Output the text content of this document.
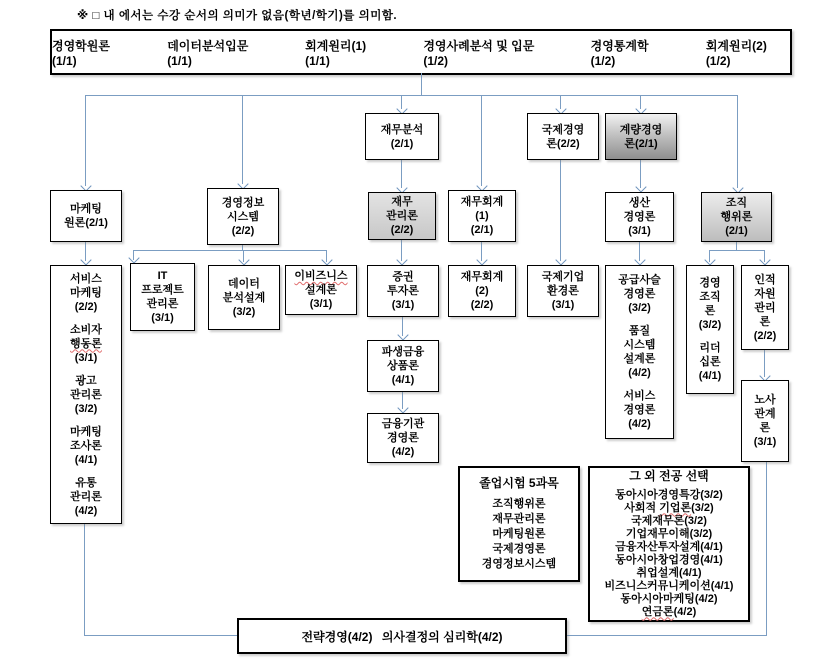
※ □ 내 에서는 수강 순서의 의미가 없음(학년/학기)를 의미함.
경영학원론(1/1)
데이터분석입문(1/1)
회계원리(1)(1/1)
경영사례분석 및 입문(1/2)
경영통계학(1/2)
회계원리(2)(1/2)
재무분석
(2/1)
국제경영
론(2/2)
계량경영
론(2/1)
마케팅
원론(2/1)
경영정보
시스템
(2/2)
재무
관리론
(2/2)
재무회계
(1)
(2/1)
생산
경영론
(3/1)
조직
행위론
(2/1)
서비스
마케팅
(2/2)
소비자
행동론
(3/1)
광고
관리론
(3/2)
마케팅
조사론
(4/1)
유통
관리론
(4/2)
IT
프로젝트
관리론
(3/1)
데이터
분석설계
(3/2)
이비즈니스
설계론
(3/1)
증권
투자론
(3/1)
재무회계
(2)
(2/2)
국제기업
환경론
(3/1)
공급사슬
경영론
(3/2)
품질
시스템
설계론
(4/2)
서비스
경영론
(4/2)
경영
조직
론
(3/2)
리더
십론
(4/1)
인적
자원
관리
론
(2/2)
파생금융
상품론
(4/1)
금융기관
경영론
(4/2)
노사
관계
론
(3/1)
졸업시험 5과목
조직행위론
재무관리론
마케팅원론
국제경영론
경영정보시스템
그 외 전공 선택
동아시아경영특강(3/2)
사회적 기업론(3/2)
국제재무론(3/2)
기업재무이해(3/2)
금융자산투자설계(4/1)
동아시아창업경영(4/1)
취업설계(4/1)
비즈니스커뮤니케이션(4/1)
동아시아마케팅(4/2)
연금론(4/2)
전략경영(4/2)  의사결정의 심리학(4/2)
